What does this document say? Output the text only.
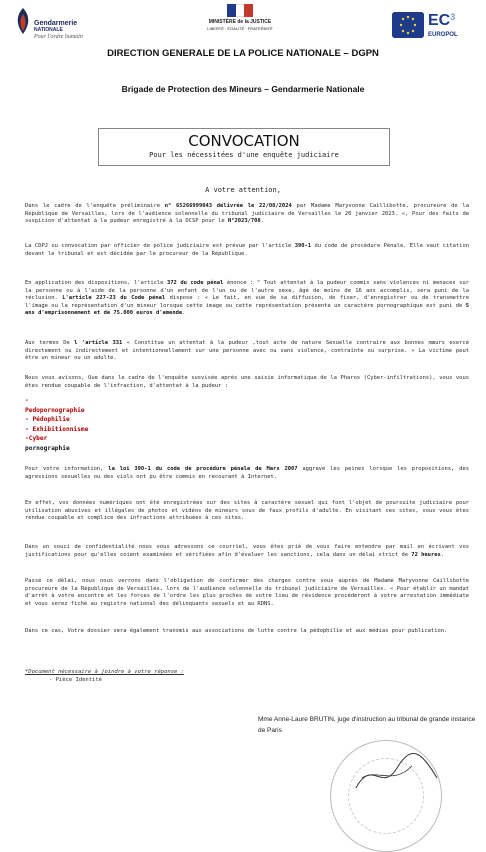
Gendarmerie
NATIONALE
Pour l'ordre humain
MINISTÈRE de la JUSTICE
LIBERTÉ · ÉGALITÉ · FRATERNITÉ	$EC^3$
EUROPOL
DIRECTION GENERALE DE LA POLICE NATIONALE – DGPN
Brigade de Protection des Mineurs – Gendarmerie Nationale
CONVOCATION
Pour les nécessitées d'une enquête judiciaire
A votre attention,
Dans le cadre de l'enquête préliminaire n° 65266999043 délivrée le 22/08/2024 par Madame Maryvonne Caillibotte, procureure de la République de Versailles, lors de l'audience solennelle du tribunal judiciaire de Versailles le 20 janvier 2023. «, Pour des faits de suspicion d'attentat à la pudeur enregistré à la DCSP pour le N°2023/708.
La CDPJ ou convocation par officier de police judiciaire est prévue par l'article 390-1 du code de procédure Pénale. Elle vaut citation devant le tribunal et est décidée par le procureur de la République.
En application des dispositions, l'article 372 du code pénal énonce : " Tout attentat à la pudeur commis sans violences ni menaces sur la personne ou à l'aide de la personne d'un enfant de l'un ou de l'autre sexe, âgé de moins de 16 ans accomplis, sera puni de la réclusion. L'article 227-23 du Code pénal dispose : « Le fait, en vue de sa diffusion, de fixer, d'enregistrer ou de transmettre l'image ou la représentation d'un mineur lorsque cette image ou cette représentation présente un caractère pornographique est puni de 5 ans d'emprisonnement et de 75.000 euros d'amende.
Aux termes De l 'article 331 « Constitue un attentat à la pudeur ,tout acte de nature Sexuelle contraire aux bonnes mœurs exercé directement ou indirectement et intentionnellement sur une personne avec ou sans violence, contrainte ou surprise. » La victime peut être un mineur ou un adulte.
Nous vous avisons, Que dans le cadre de l'enquête susvisée après une saisie informatique de la Pharos (Cyber-infiltrations), vous vous êtes rendue coupable de l'infraction, d'attentat à la pudeur :
-
Pedopornographie
- Pédophilie
- Exhibitionnisme
-Cyber
pornographie
Pour votre information, la loi 390-1 du code de procédure pénale de Mars 2007 aggrave les peines lorsque les propositions, des agressions sexuelles ou des viols ont pu être commis en recourant à Internet.
En effet, vos données numériques ont été enregistrées sur des sites à caractère sexuel qui font l'objet de poursuite judiciaire pour utilisation abusives et illégales de photos et vidéos de mineurs sous de faux profils d'adulte. En visitant ces sites, vous vous êtes rendue coupable et complice des infractions attribuées à ces sites.
Dans un souci de confidentialité nous vous adressons ce courriel, vous êtes prié de vous faire entendre par mail en écrivant vos justifications pour qu'elles soient examinées et vérifiées afin d'évaluer les sanctions, cela dans un délai strict de 72 heures.
Passé ce délai, nous nous verrons dans l'obligation de confirmer des charges contre vous auprès de Madame Maryvonne Caillibotte procureure de la République de Versailles, lors de l'audience solennelle du tribunal judiciaire de Versailles. « Pour établir un mandat d'arrêt à votre encontre et les forces de l'ordre les plus proches de votre lieu de résidence procéderont à votre arrestation immédiate et vous serez fiché au registre national des délinquants sexuels et au RDNS.
Dans ce cas, Votre dossier sera également transmis aux associations de lutte contre la pédophilie et aux médias pour publication.
*Document nécessaire à joindre à votre réponse :
- Pièce Identité
Mme Anne-Laure BRUTIN, juge d'instruction au tribunal de grande instance de Paris
